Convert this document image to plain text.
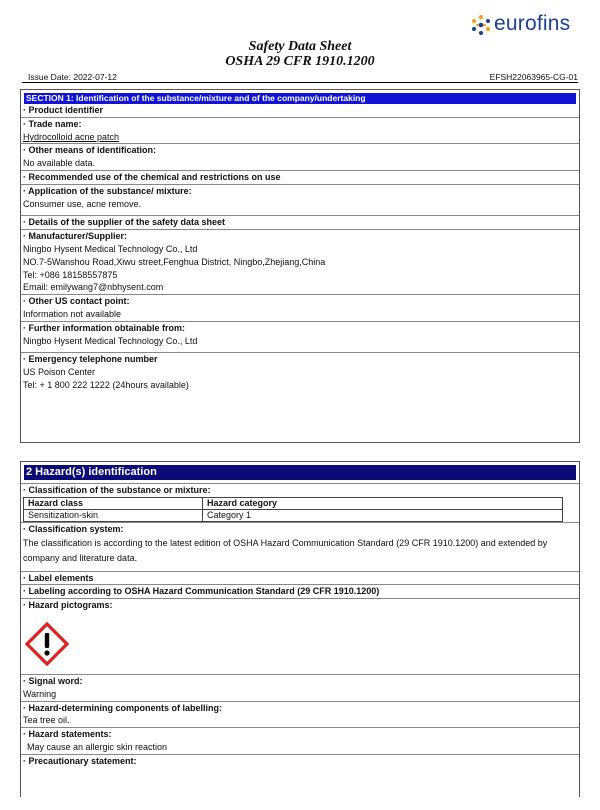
eurofins
Safety Data Sheet
OSHA 29 CFR 1910.1200
Issue Date: 2022-07-12	EFSH22063965-CG-01
SECTION 1: Identification of the substance/mixture and of the company/undertaking
· Product identifier
· Trade name:
Hydrocolloid acne patch
· Other means of identification:
No available data.
· Recommended use of the chemical and restrictions on use
· Application of the substance/ mixture:
Consumer use, acne remove.
· Details of the supplier of the safety data sheet
· Manufacturer/Supplier:
Ningbo Hysent Medical Technology Co., Ltd
NO.7-5Wanshou Road,Xiwu street,Fenghua District, Ningbo,Zhejiang,China
Tel: +086 18158557875
Email: emilywang7@nbhysent.com
· Other US contact point:
Information not available
· Further information obtainable from:
Ningbo Hysent Medical Technology Co., Ltd
· Emergency telephone number
US Poison Center
Tel: + 1 800 222 1222 (24hours available)
2 Hazard(s) identification
· Classification of the substance or mixture:
Hazard class	Hazard category
Sensitization-skin	Category 1
· Classification system:
The classification is according to the latest edition of OSHA Hazard Communication Standard (29 CFR 1910.1200) and extended by company and literature data.
· Label elements
· Labeling according to OSHA Hazard Communication Standard (29 CFR 1910.1200)
· Hazard pictograms:
· Signal word:
Warning
· Hazard-determining components of labelling:
Tea tree oil.
· Hazard statements:
May cause an allergic skin reaction
· Precautionary statement:
